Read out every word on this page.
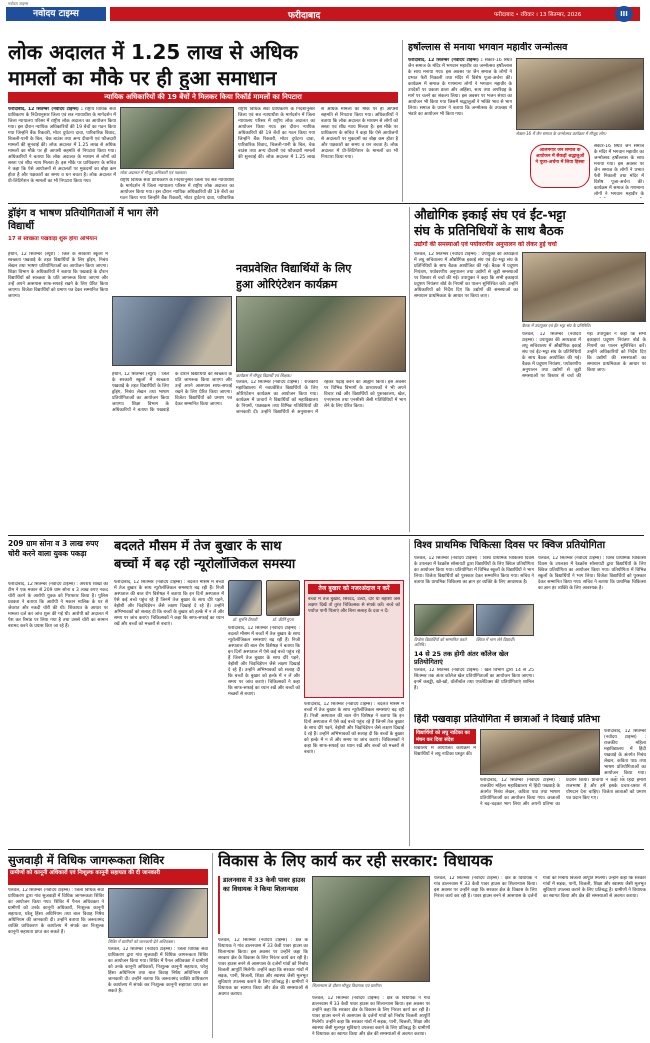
नवोदय टाइम्स
नवोदय टाइम्स	फरीदाबाद	फरीदाबाद • रविवार । 13 सितम्बर, 2026	III
लोक अदालत में 1.25 लाख से अधिक
मामलों का मौके पर ही हुआ समाधान
न्यायिक अधिकारियों की 19 बेंचों ने मिलकर किया रिकॉर्ड मामलों का निपटारा
फरीदाबाद, 12 सितम्बर (नवोदय टाइम्स) : राष्ट्रीय विधिक सेवा प्राधिकरण के निर्देशानुसार जिला एवं सत्र न्यायाधीश के मार्गदर्शन में जिला न्यायालय परिसर में राष्ट्रीय लोक अदालत का आयोजन किया गया। इस दौरान न्यायिक अधिकारियों की 19 बेंचों का गठन किया गया जिन्होंने बैंक रिकवरी, मोटर दुर्घटना दावा, पारिवारिक विवाद, बिजली-पानी के बिल, चेक बाउंस तथा अन्य दीवानी एवं फौजदारी मामलों की सुनवाई की। लोक अदालत में 1.25 लाख से अधिक मामलों का मौके पर ही आपसी सहमति से निपटारा किया गया। अधिकारियों ने बताया कि लोक अदालत के माध्यम से लोगों को सस्ता एवं शीघ्र न्याय मिलता है। इस मौके पर प्राधिकरण के सचिव ने कहा कि ऐसे आयोजनों से अदालतों पर मुकदमों का बोझ कम होता है और पक्षकारों का समय व धन बचता है। लोक अदालत में प्री-लिटिगेशन के मामलों का भी निपटारा किया गया।
लोक अदालत में मौजूद अधिकारी एवं पक्षकार।
राष्ट्रीय विधिक सेवा प्राधिकरण के निर्देशानुसार जिला एवं सत्र न्यायाधीश के मार्गदर्शन में जिला न्यायालय परिसर में राष्ट्रीय लोक अदालत का आयोजन किया गया। इस दौरान न्यायिक अधिकारियों की 19 बेंचों का गठन किया गया जिन्होंने बैंक रिकवरी, मोटर दुर्घटना दावा, पारिवारिक
राष्ट्रीय विधिक सेवा प्राधिकरण के निर्देशानुसार जिला एवं सत्र न्यायाधीश के मार्गदर्शन में जिला न्यायालय परिसर में राष्ट्रीय लोक अदालत का आयोजन किया गया। इस दौरान न्यायिक अधिकारियों की 19 बेंचों का गठन किया गया जिन्होंने बैंक रिकवरी, मोटर दुर्घटना दावा, पारिवारिक विवाद, बिजली-पानी के बिल, चेक बाउंस तथा अन्य दीवानी एवं फौजदारी मामलों की सुनवाई की। लोक अदालत में 1.25 लाख से अधिक मामलों का मौके पर ही आपसी सहमति से निपटारा किया गया। अधिकारियों ने बताया कि लोक अदालत के माध्यम से लोगों को सस्ता एवं शीघ्र न्याय मिलता है। इस मौके पर प्राधिकरण के सचिव ने कहा कि ऐसे आयोजनों से अदालतों पर मुकदमों का बोझ कम होता है और पक्षकारों का समय व धन बचता है। लोक अदालत में प्री-लिटिगेशन के मामलों का भी निपटारा किया गया।
हर्षोल्लास से मनाया भगवान महावीर जन्मोत्सव
फरीदाबाद, 12 सितम्बर (नवोदय टाइम्स) : सेक्टर-16 स्थित जैन समाज के मंदिर में भगवान महावीर का जन्मोत्सव हर्षोल्लास के साथ मनाया गया। इस अवसर पर जैन समाज के लोगों ने प्रभात फेरी निकाली तथा मंदिर में विशेष पूजा-अर्चना की। कार्यक्रम में समाज के गणमान्य लोगों ने भगवान महावीर के उपदेशों पर प्रकाश डाला और अहिंसा, सत्य तथा अपरिग्रह के मार्ग पर चलने का संकल्प लिया। इस अवसर पर भजन संध्या का आयोजन भी किया गया जिसमें श्रद्धालुओं ने भक्ति भाव से भाग लिया। समाज के प्रधान ने बताया कि जन्मोत्सव के उपलक्ष्य में भंडारे का आयोजन भी किया गया।
सेक्टर-16 में जैन समाज के जन्मोत्सव कार्यक्रम में मौजूद लोग।
आलमगीर जैन समाज के आयोजन में सैकड़ों श्रद्धालुओं ने पूजा-अर्चना में लिया हिस्सा
सेक्टर-16 स्थित जैन समाज के मंदिर में भगवान महावीर का जन्मोत्सव हर्षोल्लास के साथ मनाया गया। इस अवसर पर जैन समाज के लोगों ने प्रभात फेरी निकाली तथा मंदिर में विशेष पूजा-अर्चना की। कार्यक्रम में समाज के गणमान्य लोगों ने भगवान महावीर के
ड्रॉइंग व भाषण प्रतियोगिताओं में भाग लेंगे विद्यार्थी
17 से स्वच्छता पखवाड़ा शुरू होगा अभियान
हथीन, 12 सितम्बर (ब्यूरो) : जिले के सरकारी स्कूलों में स्वच्छता पखवाड़े के तहत विद्यार्थियों के लिए ड्रॉइंग, निबंध लेखन तथा भाषण प्रतियोगिताओं का आयोजन किया जाएगा। शिक्षा विभाग के अधिकारियों ने बताया कि पखवाड़े के दौरान विद्यार्थियों को स्वच्छता के प्रति जागरूक किया जाएगा और उन्हें अपने आसपास साफ-सफाई रखने के लिए प्रेरित किया जाएगा। विजेता विद्यार्थियों को प्रमाण पत्र देकर सम्मानित किया जाएगा।
हथीन, 12 सितम्बर (ब्यूरो) : जिले के सरकारी स्कूलों में स्वच्छता पखवाड़े के तहत विद्यार्थियों के लिए ड्रॉइंग, निबंध लेखन तथा भाषण प्रतियोगिताओं का आयोजन किया जाएगा। शिक्षा विभाग के अधिकारियों ने बताया कि पखवाड़े के दौरान विद्यार्थियों को स्वच्छता के प्रति जागरूक किया जाएगा और उन्हें अपने आसपास साफ-सफाई रखने के लिए प्रेरित किया जाएगा। विजेता विद्यार्थियों को प्रमाण पत्र देकर सम्मानित किया जाएगा।
नवप्रवेशित विद्यार्थियों के लिए
हुआ ओरिएंटेशन कार्यक्रम
कार्यक्रम में मौजूद विद्यार्थी एवं शिक्षक।
पलवल, 12 सितम्बर (नवोदय टाइम्स) : राजकीय महाविद्यालय में नवप्रवेशित विद्यार्थियों के लिए ओरिएंटेशन कार्यक्रम का आयोजन किया गया। कार्यक्रम में प्राचार्य ने विद्यार्थियों को महाविद्यालय के नियमों, पाठ्यक्रम तथा विभिन्न गतिविधियों की जानकारी दी। उन्होंने विद्यार्थियों से अनुशासन में रहकर पढ़ाई करने का आह्वान किया। इस अवसर पर विभिन्न विभागों के प्राध्यापकों ने भी अपने विचार रखे और विद्यार्थियों को पुस्तकालय, खेल, एनएसएस तथा एनसीसी जैसी गतिविधियों में भाग लेने के लिए प्रेरित किया।
औद्योगिक इकाई संघ एवं ईंट-भट्टा
संघ के प्रतिनिधियों के साथ बैठक
उद्योगों की समस्याओं एवं पर्यावरणीय अनुपालन को लेकर हुई चर्चा
पलवल, 12 सितम्बर (नवोदय टाइम्स) : उपायुक्त की अध्यक्षता में लघु सचिवालय में औद्योगिक इकाई संघ एवं ईंट-भट्टा संघ के प्रतिनिधियों के साथ बैठक आयोजित की गई। बैठक में प्रदूषण नियंत्रण, पर्यावरणीय अनुपालन तथा उद्योगों से जुड़ी समस्याओं पर विस्तार से चर्चा की गई। उपायुक्त ने कहा कि सभी इकाइयां प्रदूषण नियंत्रण बोर्ड के नियमों का पालन सुनिश्चित करें। उन्होंने अधिकारियों को निर्देश दिए कि उद्योगों की समस्याओं का समाधान प्राथमिकता के आधार पर किया जाए।
बैठक में उपायुक्त एवं ईंट-भट्टा संघ के प्रतिनिधि।
पलवल, 12 सितम्बर (नवोदय टाइम्स) : उपायुक्त की अध्यक्षता में लघु सचिवालय में औद्योगिक इकाई संघ एवं ईंट-भट्टा संघ के प्रतिनिधियों के साथ बैठक आयोजित की गई। बैठक में प्रदूषण नियंत्रण, पर्यावरणीय अनुपालन तथा उद्योगों से जुड़ी समस्याओं पर विस्तार से चर्चा की गई। उपायुक्त ने कहा कि सभी इकाइयां प्रदूषण नियंत्रण बोर्ड के नियमों का पालन सुनिश्चित करें। उन्होंने अधिकारियों को निर्देश दिए कि उद्योगों की समस्याओं का समाधान प्राथमिकता के आधार पर किया जाए।
209 ग्राम सोना व 3 लाख रुपए चोरी करने वाला युवक पकड़ा
फरीदाबाद, 12 सितम्बर (नवोदय टाइम्स) : अपराध शाखा की टीम ने एक मकान से 209 ग्राम सोना व 3 लाख रुपए नकद चोरी करने के आरोपी युवक को गिरफ्तार किया है। पुलिस प्रवक्ता ने बताया कि आरोपी ने मकान मालिक के घर से जेवरात और नकदी चोरी की थी। शिकायत के आधार पर मामला दर्ज कर जांच शुरू की गई थी। आरोपी को अदालत में पेश कर रिमांड पर लिया गया है तथा उससे चोरी का सामान बरामद करने के प्रयास किए जा रहे हैं।
बदलते मौसम में तेज बुखार के साथ
बच्चों में बढ़ रही न्यूरोलॉजिकल समस्या
फरीदाबाद, 12 सितम्बर (नवोदय टाइम्स) : बदलते मौसम में बच्चों में तेज बुखार के साथ न्यूरोलॉजिकल समस्याएं बढ़ रही हैं। निजी अस्पताल की बाल रोग विशेषज्ञ ने बताया कि इन दिनों अस्पताल में ऐसे कई बच्चे पहुंच रहे हैं जिनमें तेज बुखार के साथ दौरे पड़ने, बेहोशी और चिड़चिड़ेपन जैसे लक्षण दिखाई दे रहे हैं। उन्होंने अभिभावकों को सलाह दी कि बच्चों के बुखार को हल्के में न लें और समय पर जांच कराएं। चिकित्सकों ने कहा कि साफ-सफाई का ध्यान रखें और बच्चों को मच्छरों से बचाएं।
डॉ. सुरभि तिवारी	डॉ. कीर्ति गुप्ता
तेज बुखार को नजरअंदाज न करें
बच्चों में तेज बुखार, सिरदर्द, उल्टी, दौरे या बेहोशी जैसे लक्षण दिखें तो तुरंत चिकित्सक से संपर्क करें। बच्चे को पर्याप्त पानी पिलाएं और बिना सलाह के दवा न दें।
फरीदाबाद, 12 सितम्बर (नवोदय टाइम्स) : बदलते मौसम में बच्चों में तेज बुखार के साथ न्यूरोलॉजिकल समस्याएं बढ़ रही हैं। निजी अस्पताल की बाल रोग विशेषज्ञ ने बताया कि इन दिनों अस्पताल में ऐसे कई बच्चे पहुंच रहे हैं जिनमें तेज बुखार के साथ दौरे पड़ने, बेहोशी और चिड़चिड़ेपन जैसे लक्षण दिखाई दे रहे हैं। उन्होंने अभिभावकों को सलाह दी कि बच्चों के बुखार को हल्के में न लें और समय पर जांच कराएं। चिकित्सकों ने कहा कि साफ-सफाई का ध्यान रखें और बच्चों को मच्छरों से बचाएं।
फरीदाबाद, 12 सितम्बर (नवोदय टाइम्स) : बदलते मौसम में बच्चों में तेज बुखार के साथ न्यूरोलॉजिकल समस्याएं बढ़ रही हैं। निजी अस्पताल की बाल रोग विशेषज्ञ ने बताया कि इन दिनों अस्पताल में ऐसे कई बच्चे पहुंच रहे हैं जिनमें तेज बुखार के साथ दौरे पड़ने, बेहोशी और चिड़चिड़ेपन जैसे लक्षण दिखाई दे रहे हैं। उन्होंने अभिभावकों को सलाह दी कि बच्चों के बुखार को हल्के में न लें और समय पर जांच कराएं। चिकित्सकों ने कहा कि साफ-सफाई का ध्यान रखें और बच्चों को मच्छरों से बचाएं।
विश्व प्राथमिक चिकित्सा दिवस पर क्विज प्रतियोगिता
पलवल, 12 सितम्बर (नवोदय टाइम्स) : विश्व प्राथमिक चिकित्सा दिवस के उपलक्ष्य में रेडक्रॉस सोसायटी द्वारा विद्यार्थियों के लिए क्विज प्रतियोगिता का आयोजन किया गया। प्रतियोगिता में विभिन्न स्कूलों के विद्यार्थियों ने भाग लिया। विजेता विद्यार्थियों को पुरस्कार देकर सम्मानित किया गया। सचिव ने बताया कि प्राथमिक चिकित्सा का ज्ञान हर व्यक्ति के लिए आवश्यक है।
पलवल, 12 सितम्बर (नवोदय टाइम्स) : विश्व प्राथमिक चिकित्सा दिवस के उपलक्ष्य में रेडक्रॉस सोसायटी द्वारा विद्यार्थियों के लिए क्विज प्रतियोगिता का आयोजन किया गया। प्रतियोगिता में विभिन्न स्कूलों के विद्यार्थियों ने भाग लिया। विजेता विद्यार्थियों को पुरस्कार देकर सम्मानित किया गया। सचिव ने बताया कि प्राथमिक चिकित्सा का ज्ञान हर व्यक्ति के लिए आवश्यक है।
विजेता विद्यार्थियों को सम्मानित करते अतिथि।
क्विज में भाग लेते विद्यार्थी।
14 से 25 तक होगी अंतर कॉलेज खेल प्रतियोगिताएं
पलवल, 12 सितम्बर (नवोदय टाइम्स) : खेल विभाग द्वारा 14 से 25 सितम्बर तक अंतर कॉलेज खेल प्रतियोगिताओं का आयोजन किया जाएगा। इनमें कबड्डी, खो-खो, वॉलीबॉल तथा एथलेटिक्स की प्रतियोगिताएं शामिल हैं।
हिंदी पखवाड़ा प्रतियोगिता में छात्राओं ने दिखाई प्रतिभा
विद्यार्थियों को लघु नाटिका का मंचन कर दिया संदेश
विद्यालय में आयोजित कार्यक्रम में विद्यार्थियों ने लघु नाटिका प्रस्तुत की।
फरीदाबाद, 12 सितम्बर (नवोदय टाइम्स) : राजकीय महिला महाविद्यालय में हिंदी पखवाड़े के अंतर्गत निबंध लेखन, कविता पाठ तथा भाषण प्रतियोगिताओं का आयोजन किया गया। छात्राओं ने बढ़-चढ़कर भाग लिया और अपनी प्रतिभा का प्रदर्शन किया। प्राचार्या ने कहा कि हिंदी हमारी राजभाषा है और हमें इसके प्रचार-प्रसार में योगदान देना चाहिए। विजेता छात्राओं को प्रमाण पत्र प्रदान किए गए।
फरीदाबाद, 12 सितम्बर (नवोदय टाइम्स) : राजकीय महिला महाविद्यालय में हिंदी पखवाड़े के अंतर्गत निबंध लेखन, कविता पाठ तथा भाषण प्रतियोगिताओं का आयोजन किया गया।
सुजवाड़ी में विधिक जागरूकता शिविर
ग्रामीणों को कानूनी अधिकारों एवं निःशुल्क कानूनी सहायता की दी जानकारी
पलवल, 12 सितम्बर (नवोदय टाइम्स) : जिला विधिक सेवा प्राधिकरण द्वारा गांव सुजवाड़ी में विधिक जागरूकता शिविर का आयोजन किया गया। शिविर में पैनल अधिवक्ता ने ग्रामीणों को उनके कानूनी अधिकारों, निःशुल्क कानूनी सहायता, घरेलू हिंसा अधिनियम तथा बाल विवाह निषेध अधिनियम की जानकारी दी। उन्होंने बताया कि जरूरतमंद व्यक्ति प्राधिकरण के कार्यालय में संपर्क कर निःशुल्क कानूनी सहायता प्राप्त कर सकते हैं।
शिविर में ग्रामीणों को जानकारी देते अधिवक्ता।
पलवल, 12 सितम्बर (नवोदय टाइम्स) : जिला विधिक सेवा प्राधिकरण द्वारा गांव सुजवाड़ी में विधिक जागरूकता शिविर का आयोजन किया गया। शिविर में पैनल अधिवक्ता ने ग्रामीणों को उनके कानूनी अधिकारों, निःशुल्क कानूनी सहायता, घरेलू हिंसा अधिनियम तथा बाल विवाह निषेध अधिनियम की जानकारी दी। उन्होंने बताया कि जरूरतमंद व्यक्ति प्राधिकरण के कार्यालय में संपर्क कर निःशुल्क कानूनी सहायता प्राप्त कर सकते हैं।
विकास के लिए कार्य कर रही सरकार: विधायक
डालनवास में 33 केवी पावर हाउस का विधायक ने किया शिलान्यास
पलवल, 12 सितम्बर (नवोदय टाइम्स) : क्षेत्र के विधायक ने गांव डालनवास में 33 केवी पावर हाउस का शिलान्यास किया। इस अवसर पर उन्होंने कहा कि सरकार क्षेत्र के विकास के लिए निरंतर कार्य कर रही है। पावर हाउस बनने से आसपास के दर्जनों गांवों को निर्बाध बिजली आपूर्ति मिलेगी। उन्होंने कहा कि सरकार गांवों में सड़क, पानी, बिजली, शिक्षा और स्वास्थ्य जैसी मूलभूत सुविधाएं उपलब्ध कराने के लिए प्रतिबद्ध है। ग्रामीणों ने विधायक का स्वागत किया और क्षेत्र की समस्याओं से अवगत कराया।
शिलान्यास के दौरान मौजूद विधायक एवं ग्रामीण।
पलवल, 12 सितम्बर (नवोदय टाइम्स) : क्षेत्र के विधायक ने गांव डालनवास में 33 केवी पावर हाउस का शिलान्यास किया। इस अवसर पर उन्होंने कहा कि सरकार क्षेत्र के विकास के लिए निरंतर कार्य कर रही है। पावर हाउस बनने से आसपास के दर्जनों गांवों को निर्बाध बिजली आपूर्ति मिलेगी। उन्होंने कहा कि सरकार गांवों में सड़क, पानी, बिजली, शिक्षा और स्वास्थ्य जैसी मूलभूत सुविधाएं उपलब्ध कराने के लिए प्रतिबद्ध है। ग्रामीणों ने विधायक का स्वागत किया और क्षेत्र की समस्याओं से अवगत कराया।
पलवल, 12 सितम्बर (नवोदय टाइम्स) : क्षेत्र के विधायक ने गांव डालनवास में 33 केवी पावर हाउस का शिलान्यास किया। इस अवसर पर उन्होंने कहा कि सरकार क्षेत्र के विकास के लिए निरंतर कार्य कर रही है। पावर हाउस बनने से आसपास के दर्जनों गांवों को निर्बाध बिजली आपूर्ति मिलेगी। उन्होंने कहा कि सरकार गांवों में सड़क, पानी, बिजली, शिक्षा और स्वास्थ्य जैसी मूलभूत सुविधाएं उपलब्ध कराने के लिए प्रतिबद्ध है। ग्रामीणों ने विधायक का स्वागत किया और क्षेत्र की समस्याओं से अवगत कराया।
